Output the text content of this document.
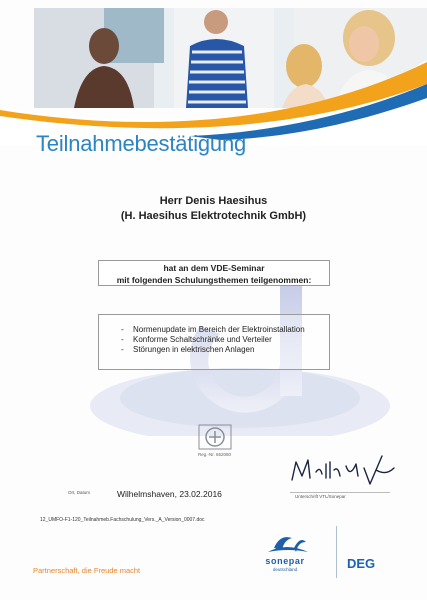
Teilnahmebestätigung
Herr Denis Haesihus
(H. Haesihus Elektrotechnik GmbH)
hat an dem VDE-Seminar
mit folgenden Schulungsthemen teilgenommen:
- Normenupdate im Bereich der Elektroinstallation
- Konforme Schaltschränke und Verteiler
- Störungen in elektrischen Anlagen
Reg.-Nr. 652080
Ort, Datum	Wilhelmshaven, 23.02.2016	Unterschrift VTL/Sonepar
12_UMFO-F1-120_Teilnahmeb.Fachschulung_Vers._A_Version_0007.doc
Partnerschaft, die Freude macht
sonepar
deutschland	DEG
